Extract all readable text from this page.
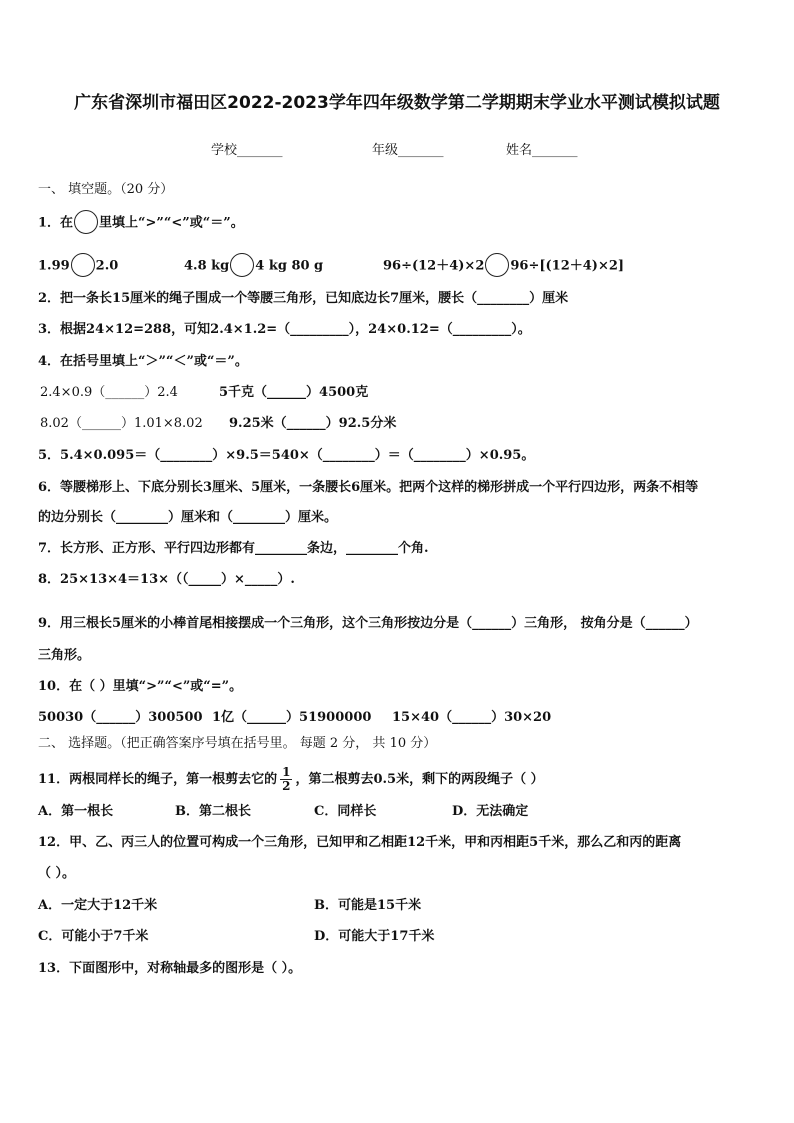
广东省深圳市福田区2022-2023学年四年级数学第二学期期末学业水平测试模拟试题
学校_______	年级_______	姓名_______
一、 填空题。（20 分）
1．在 里填上“>”“<”或“＝”。
1.99 2.0	4.8 kg 4 kg 80 g	96÷(12＋4)×2 96÷[(12＋4)×2]
2．把一条长15厘米的绳子围成一个等腰三角形，已知底边长7厘米，腰长（________）厘米
3．根据24×12=288，可知2.4×1.2=（_________），24×0.12=（_________）。
4．在括号里填上“＞”“＜”或“＝”。
2.4×0.9（______）2.4	5千克（______）4500克
8.02（______）1.01×8.02 9.25米（______）92.5分米
5．5.4×0.095＝（________）×9.5＝540×（________）＝（________）×0.95。
6．等腰梯形上、下底分别长3厘米、5厘米，一条腰长6厘米。把两个这样的梯形拼成一个平行四边形，两条不相等
的边分别长（________）厘米和（________）厘米。
7．长方形、正方形、平行四边形都有________条边，________个角.
8．25×13×4＝13×（（_____）×_____）.
9．用三根长5厘米的小棒首尾相接摆成一个三角形，这个三角形按边分是（______）三角形， 按角分是（______）
三角形。
10．在（ ）里填“>”“<”或“=”。
50030（______）300500 1亿（______）51900000 15×40（______）30×20
二、 选择题。（把正确答案序号填在括号里。 每题 2 分， 共 10 分）
11．两根同样长的绳子，第一根剪去它的 $\frac{1}{2}$ ，第二根剪去0.5米，剩下的两段绳子（ ）
A．第一根长	B．第二根长	C．同样长	D．无法确定
12．甲、乙、丙三人的位置可构成一个三角形，已知甲和乙相距12千米，甲和丙相距5千米，那么乙和丙的距离
（ ）。
A．一定大于12千米	B．可能是15千米
C．可能小于7千米	D．可能大于17千米
13．下面图形中，对称轴最多的图形是（ ）。
